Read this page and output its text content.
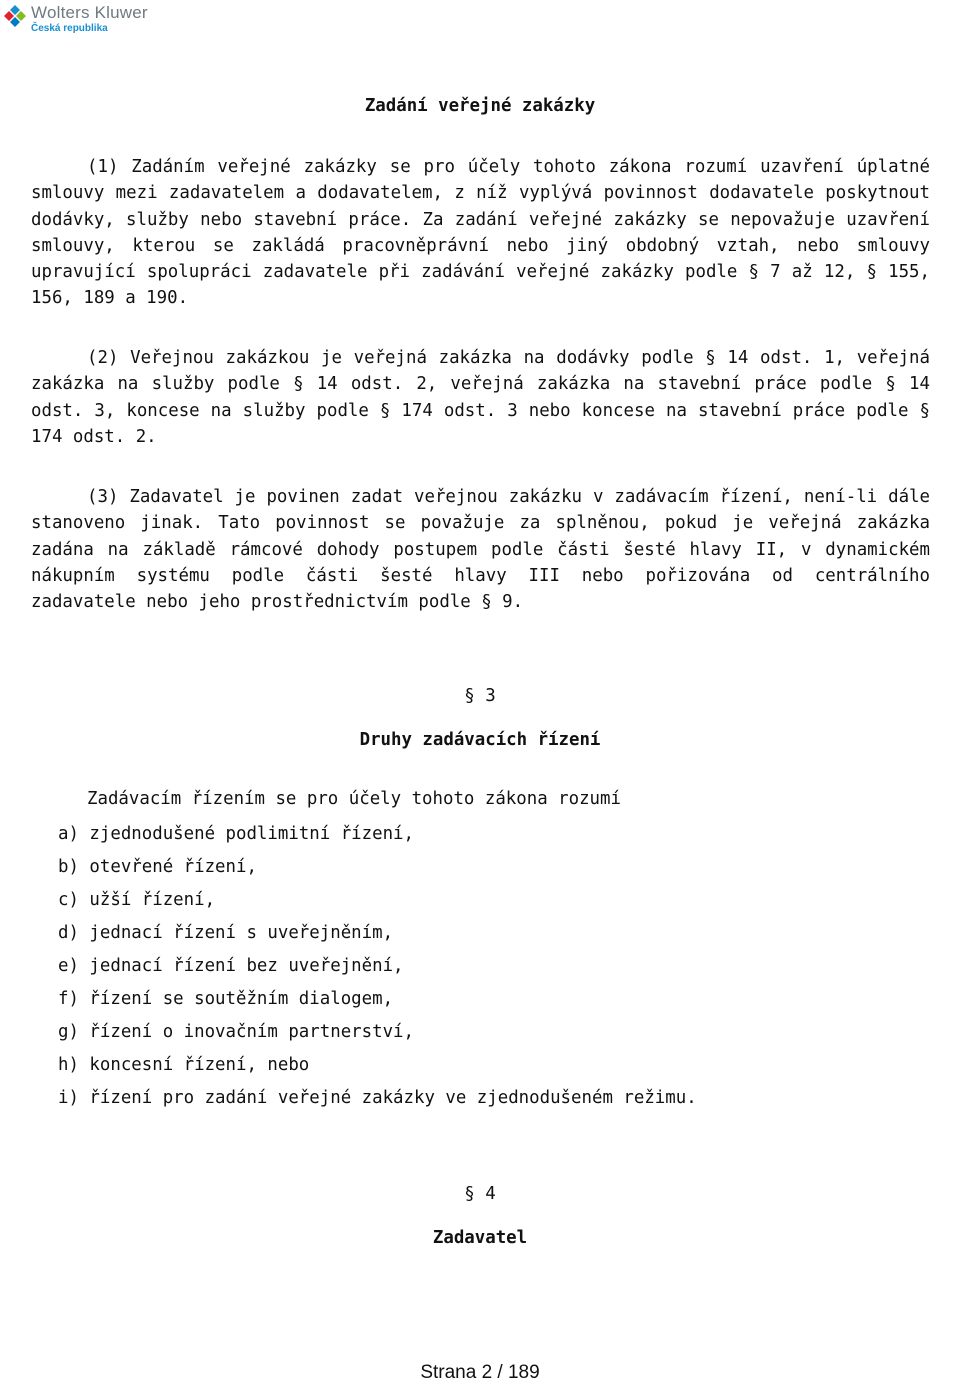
Wolters Kluwer
Česká republika
Zadání veřejné zakázky
(1) Zadáním veřejné zakázky se pro účely tohoto zákona rozumí uzavření úplatné smlouvy mezi zadavatelem a dodavatelem, z níž vyplývá povinnost dodavatele poskytnout dodávky, služby nebo stavební práce. Za zadání veřejné zakázky se nepovažuje uzavření smlouvy, kterou se zakládá pracovněprávní nebo jiný obdobný vztah, nebo smlouvy upravující spolupráci zadavatele při zadávání veřejné zakázky podle § 7 až 12, § 155, 156, 189 a 190.
(2) Veřejnou zakázkou je veřejná zakázka na dodávky podle § 14 odst. 1, veřejná zakázka na služby podle § 14 odst. 2, veřejná zakázka na stavební práce podle § 14 odst. 3, koncese na služby podle § 174 odst. 3 nebo koncese na stavební práce podle § 174 odst. 2.
(3) Zadavatel je povinen zadat veřejnou zakázku v zadávacím řízení, není-li dále stanoveno jinak. Tato povinnost se považuje za splněnou, pokud je veřejná zakázka zadána na základě rámcové dohody postupem podle části šesté hlavy II, v dynamickém nákupním systému podle části šesté hlavy III nebo pořizována od centrálního zadavatele nebo jeho prostřednictvím podle § 9.
§ 3
Druhy zadávacích řízení
Zadávacím řízením se pro účely tohoto zákona rozumí
a) zjednodušené podlimitní řízení,
b) otevřené řízení,
c) užší řízení,
d) jednací řízení s uveřejněním,
e) jednací řízení bez uveřejnění,
f) řízení se soutěžním dialogem,
g) řízení o inovačním partnerství,
h) koncesní řízení, nebo
i) řízení pro zadání veřejné zakázky ve zjednodušeném režimu.
§ 4
Zadavatel
Strana 2 / 189
